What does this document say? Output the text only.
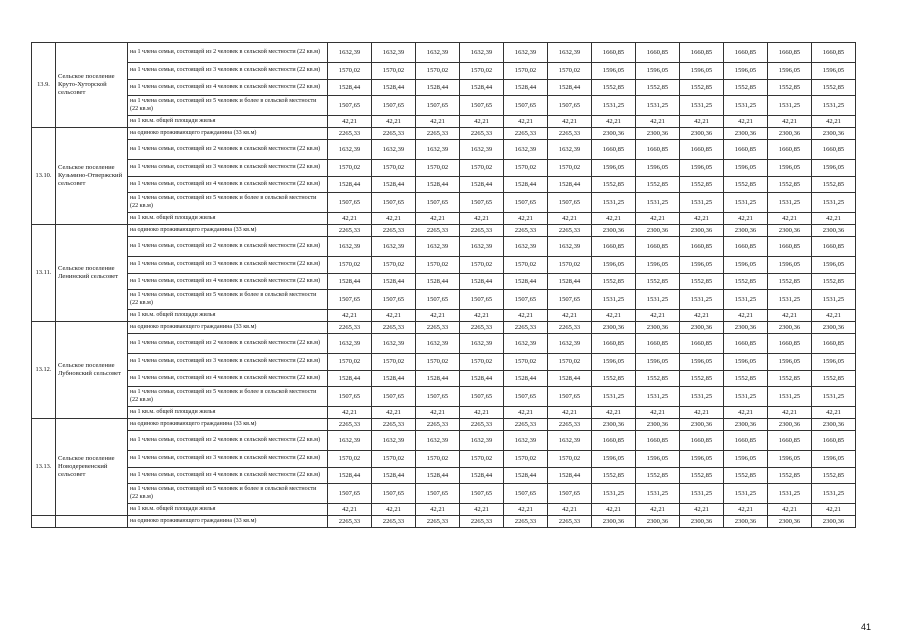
13.9.	Сельское поселение Круто-Хуторской сельсовет	на 1 члена семьи, состоящей из 2 человек в сельской местности (22 кв.м)	1632,39	1632,39	1632,39	1632,39	1632,39	1632,39	1660,85	1660,85	1660,85	1660,85	1660,85	1660,85
		на 1 члена семьи, состоящей из 3 человек в сельской местности (22 кв.м)	1570,02	1570,02	1570,02	1570,02	1570,02	1570,02	1596,05	1596,05	1596,05	1596,05	1596,05	1596,05
		на 1 члена семьи, состоящей из 4 человек в сельской местности (22 кв.м)	1528,44	1528,44	1528,44	1528,44	1528,44	1528,44	1552,85	1552,85	1552,85	1552,85	1552,85	1552,85
		на 1 члена семьи, состоящей из 5 человек и более в сельской местности (22 кв.м)	1507,65	1507,65	1507,65	1507,65	1507,65	1507,65	1531,25	1531,25	1531,25	1531,25	1531,25	1531,25
		на 1 кв.м. общей площади жилья	42,21	42,21	42,21	42,21	42,21	42,21	42,21	42,21	42,21	42,21	42,21	42,21
13.10.	Сельское поселение Кузьмино-Отвержский сельсовет	на одиноко проживающего гражданина (33 кв.м)	2265,33	2265,33	2265,33	2265,33	2265,33	2265,33	2300,36	2300,36	2300,36	2300,36	2300,36	2300,36
		на 1 члена семьи, состоящей из 2 человек в сельской местности (22 кв.м)	1632,39	1632,39	1632,39	1632,39	1632,39	1632,39	1660,85	1660,85	1660,85	1660,85	1660,85	1660,85
		на 1 члена семьи, состоящей из 3 человек в сельской местности (22 кв.м)	1570,02	1570,02	1570,02	1570,02	1570,02	1570,02	1596,05	1596,05	1596,05	1596,05	1596,05	1596,05
		на 1 члена семьи, состоящей из 4 человек в сельской местности (22 кв.м)	1528,44	1528,44	1528,44	1528,44	1528,44	1528,44	1552,85	1552,85	1552,85	1552,85	1552,85	1552,85
		на 1 члена семьи, состоящей из 5 человек и более в сельской местности (22 кв.м)	1507,65	1507,65	1507,65	1507,65	1507,65	1507,65	1531,25	1531,25	1531,25	1531,25	1531,25	1531,25
		на 1 кв.м. общей площади жилья	42,21	42,21	42,21	42,21	42,21	42,21	42,21	42,21	42,21	42,21	42,21	42,21
13.11.	Сельское поселение Ленинский сельсовет	на одиноко проживающего гражданина (33 кв.м)	2265,33	2265,33	2265,33	2265,33	2265,33	2265,33	2300,36	2300,36	2300,36	2300,36	2300,36	2300,36
		на 1 члена семьи, состоящей из 2 человек в сельской местности (22 кв.м)	1632,39	1632,39	1632,39	1632,39	1632,39	1632,39	1660,85	1660,85	1660,85	1660,85	1660,85	1660,85
		на 1 члена семьи, состоящей из 3 человек в сельской местности (22 кв.м)	1570,02	1570,02	1570,02	1570,02	1570,02	1570,02	1596,05	1596,05	1596,05	1596,05	1596,05	1596,05
		на 1 члена семьи, состоящей из 4 человек в сельской местности (22 кв.м)	1528,44	1528,44	1528,44	1528,44	1528,44	1528,44	1552,85	1552,85	1552,85	1552,85	1552,85	1552,85
		на 1 члена семьи, состоящей из 5 человек и более в сельской местности (22 кв.м)	1507,65	1507,65	1507,65	1507,65	1507,65	1507,65	1531,25	1531,25	1531,25	1531,25	1531,25	1531,25
		на 1 кв.м. общей площади жилья	42,21	42,21	42,21	42,21	42,21	42,21	42,21	42,21	42,21	42,21	42,21	42,21
13.12.	Сельское поселение Лубновский сельсовет	на одиноко проживающего гражданина (33 кв.м)	2265,33	2265,33	2265,33	2265,33	2265,33	2265,33	2300,36	2300,36	2300,36	2300,36	2300,36	2300,36
		на 1 члена семьи, состоящей из 2 человек в сельской местности (22 кв.м)	1632,39	1632,39	1632,39	1632,39	1632,39	1632,39	1660,85	1660,85	1660,85	1660,85	1660,85	1660,85
		на 1 члена семьи, состоящей из 3 человек в сельской местности (22 кв.м)	1570,02	1570,02	1570,02	1570,02	1570,02	1570,02	1596,05	1596,05	1596,05	1596,05	1596,05	1596,05
		на 1 члена семьи, состоящей из 4 человек в сельской местности (22 кв.м)	1528,44	1528,44	1528,44	1528,44	1528,44	1528,44	1552,85	1552,85	1552,85	1552,85	1552,85	1552,85
		на 1 члена семьи, состоящей из 5 человек и более в сельской местности (22 кв.м)	1507,65	1507,65	1507,65	1507,65	1507,65	1507,65	1531,25	1531,25	1531,25	1531,25	1531,25	1531,25
		на 1 кв.м. общей площади жилья	42,21	42,21	42,21	42,21	42,21	42,21	42,21	42,21	42,21	42,21	42,21	42,21
13.13.	Сельское поселение Новодеревенский сельсовет	на одиноко проживающего гражданина (33 кв.м)	2265,33	2265,33	2265,33	2265,33	2265,33	2265,33	2300,36	2300,36	2300,36	2300,36	2300,36	2300,36
		на 1 члена семьи, состоящей из 2 человек в сельской местности (22 кв.м)	1632,39	1632,39	1632,39	1632,39	1632,39	1632,39	1660,85	1660,85	1660,85	1660,85	1660,85	1660,85
		на 1 члена семьи, состоящей из 3 человек в сельской местности (22 кв.м)	1570,02	1570,02	1570,02	1570,02	1570,02	1570,02	1596,05	1596,05	1596,05	1596,05	1596,05	1596,05
		на 1 члена семьи, состоящей из 4 человек в сельской местности (22 кв.м)	1528,44	1528,44	1528,44	1528,44	1528,44	1528,44	1552,85	1552,85	1552,85	1552,85	1552,85	1552,85
		на 1 члена семьи, состоящей из 5 человек и более в сельской местности (22 кв.м)	1507,65	1507,65	1507,65	1507,65	1507,65	1507,65	1531,25	1531,25	1531,25	1531,25	1531,25	1531,25
		на 1 кв.м. общей площади жилья	42,21	42,21	42,21	42,21	42,21	42,21	42,21	42,21	42,21	42,21	42,21	42,21
		на одиноко проживающего гражданина (33 кв.м)	2265,33	2265,33	2265,33	2265,33	2265,33	2265,33	2300,36	2300,36	2300,36	2300,36	2300,36	2300,36
41
